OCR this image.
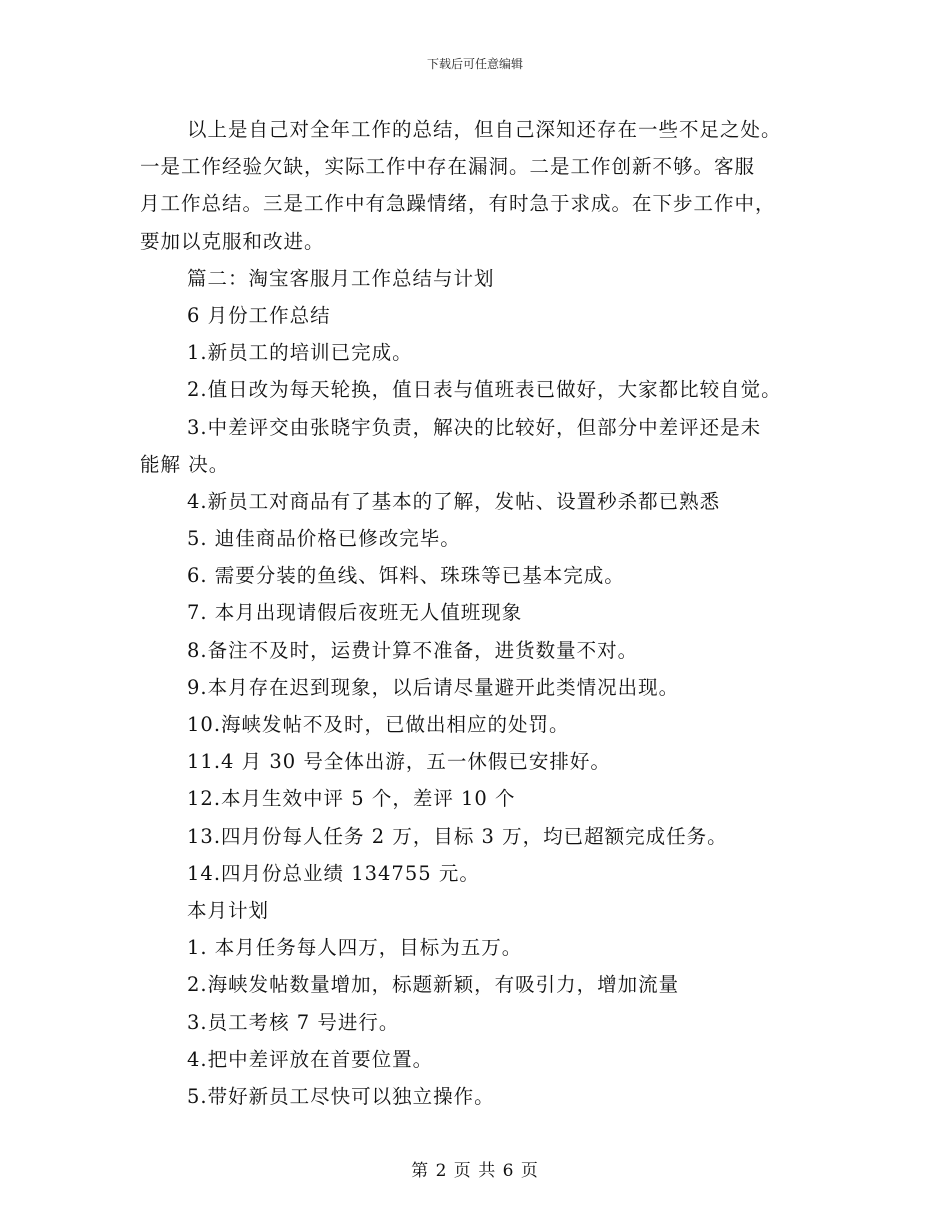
下载后可任意编辑
以上是自己对全年工作的总结，但自己深知还存在一些不足之处。
一是工作经验欠缺，实际工作中存在漏洞。二是工作创新不够。客服
月工作总结。三是工作中有急躁情绪，有时急于求成。在下步工作中，
要加以克服和改进。
篇二：淘宝客服月工作总结与计划
6 月份工作总结
1.新员工的培训已完成。
2.值日改为每天轮换，值日表与值班表已做好，大家都比较自觉。
3.中差评交由张晓宇负责，解决的比较好，但部分中差评还是未
能解 决。
4.新员工对商品有了基本的了解，发帖、设置秒杀都已熟悉
5. 迪佳商品价格已修改完毕。
6. 需要分装的鱼线、饵料、珠珠等已基本完成。
7. 本月出现请假后夜班无人值班现象
8.备注不及时，运费计算不准备，进货数量不对。
9.本月存在迟到现象，以后请尽量避开此类情况出现。
10.海峡发帖不及时，已做出相应的处罚。
11.4 月 30 号全体出游，五一休假已安排好。
12.本月生效中评 5 个，差评 10 个
13.四月份每人任务 2 万，目标 3 万，均已超额完成任务。
14.四月份总业绩 134755 元。
本月计划
1. 本月任务每人四万，目标为五万。
2.海峡发帖数量增加，标题新颖，有吸引力，增加流量
3.员工考核 7 号进行。
4.把中差评放在首要位置。
5.带好新员工尽快可以独立操作。
第 2 页 共 6 页
